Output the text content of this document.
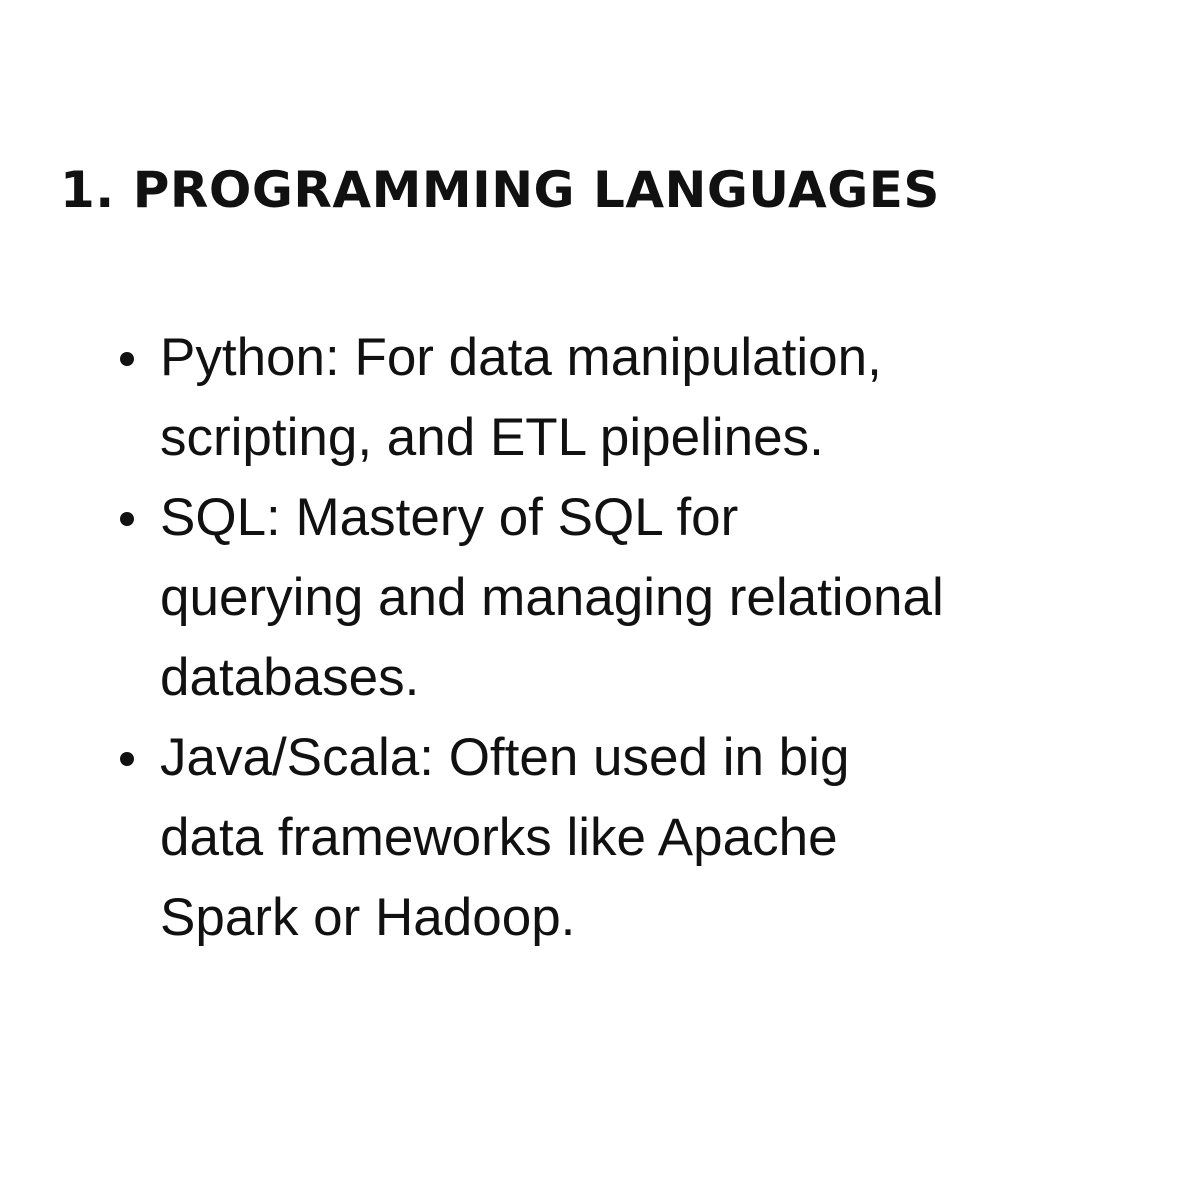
1. PROGRAMMING LANGUAGES
Python: For data manipulation,
scripting, and ETL pipelines.
SQL: Mastery of SQL for
querying and managing relational
databases.
Java/Scala: Often used in big
data frameworks like Apache
Spark or Hadoop.
